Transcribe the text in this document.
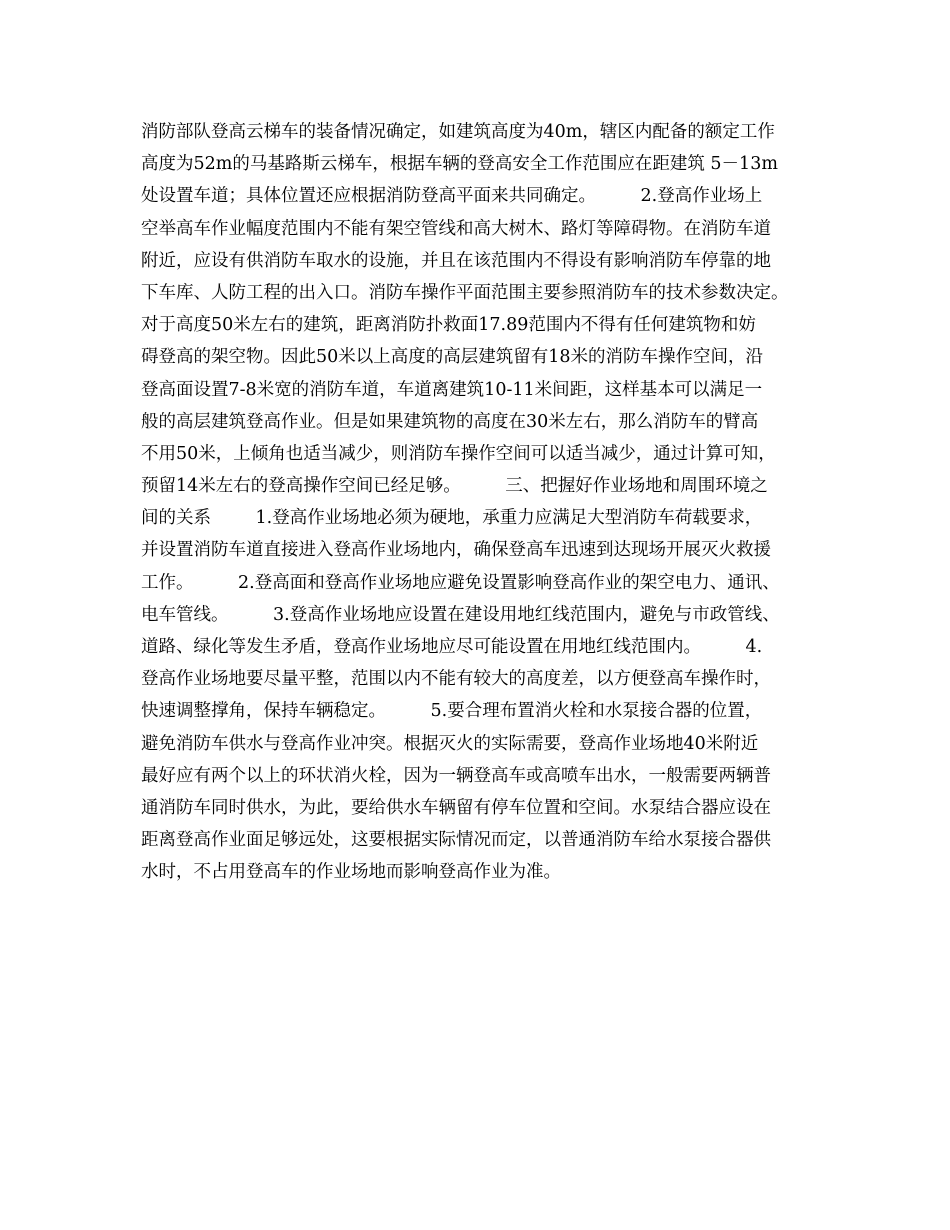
消防部队登高云梯车的装备情况确定，如建筑高度为40m，辖区内配备的额定工作
高度为52m的马基路斯云梯车，根据车辆的登高安全工作范围应在距建筑 5－13m
处设置车道；具体位置还应根据消防登高平面来共同确定。        2.登高作业场上
空举高车作业幅度范围内不能有架空管线和高大树木、路灯等障碍物。在消防车道
附近，应设有供消防车取水的设施，并且在该范围内不得设有影响消防车停靠的地
下车库、人防工程的出入口。消防车操作平面范围主要参照消防车的技术参数决定。
对于高度50米左右的建筑，距离消防扑救面17.89范围内不得有任何建筑物和妨
碍登高的架空物。因此50米以上高度的高层建筑留有18米的消防车操作空间，沿
登高面设置7-8米宽的消防车道，车道离建筑10-11米间距，这样基本可以满足一
般的高层建筑登高作业。但是如果建筑物的高度在30米左右，那么消防车的臂高
不用50米，上倾角也适当减少，则消防车操作空间可以适当减少，通过计算可知，
预留14米左右的登高操作空间已经足够。        三、把握好作业场地和周围环境之
间的关系        1.登高作业场地必须为硬地，承重力应满足大型消防车荷载要求，
并设置消防车道直接进入登高作业场地内，确保登高车迅速到达现场开展灭火救援
工作。        2.登高面和登高作业场地应避免设置影响登高作业的架空电力、通讯、
电车管线。        3.登高作业场地应设置在建设用地红线范围内，避免与市政管线、
道路、绿化等发生矛盾，登高作业场地应尽可能设置在用地红线范围内。        4.
登高作业场地要尽量平整，范围以内不能有较大的高度差，以方便登高车操作时，
快速调整撑角，保持车辆稳定。        5.要合理布置消火栓和水泵接合器的位置，
避免消防车供水与登高作业冲突。根据灭火的实际需要，登高作业场地40米附近
最好应有两个以上的环状消火栓，因为一辆登高车或高喷车出水，一般需要两辆普
通消防车同时供水，为此，要给供水车辆留有停车位置和空间。水泵结合器应设在
距离登高作业面足够远处，这要根据实际情况而定，以普通消防车给水泵接合器供
水时，不占用登高车的作业场地而影响登高作业为准。
